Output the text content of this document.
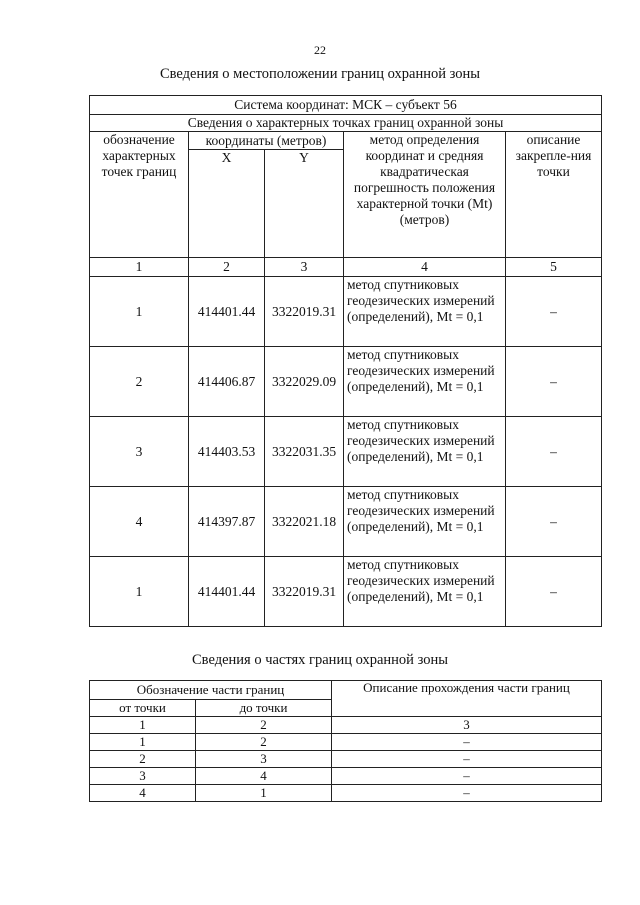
22
Сведения о местоположении границ охранной зоны
Система координат: МСК – субъект 56				
Сведения о характерных точках границ охранной зоны				
обозначение характерных точек границ	координаты (метров)		метод определения координат и средняя квадратическая погрешность положения характерной точки (Mt) (метров)	описание закрепле-ния точки
	X	Y		
1	2	3	4	5
1	414401.44	3322019.31	метод спутниковых геодезических измерений (определений), Mt = 0,1	–
2	414406.87	3322029.09	метод спутниковых геодезических измерений (определений), Mt = 0,1	–
3	414403.53	3322031.35	метод спутниковых геодезических измерений (определений), Mt = 0,1	–
4	414397.87	3322021.18	метод спутниковых геодезических измерений (определений), Mt = 0,1	–
1	414401.44	3322019.31	метод спутниковых геодезических измерений (определений), Mt = 0,1	–
Сведения о частях границ охранной зоны
Обозначение части границ		Описание прохождения части границ
от точки	до точки	
1	2	3
1	2	–
2	3	–
3	4	–
4	1	–
